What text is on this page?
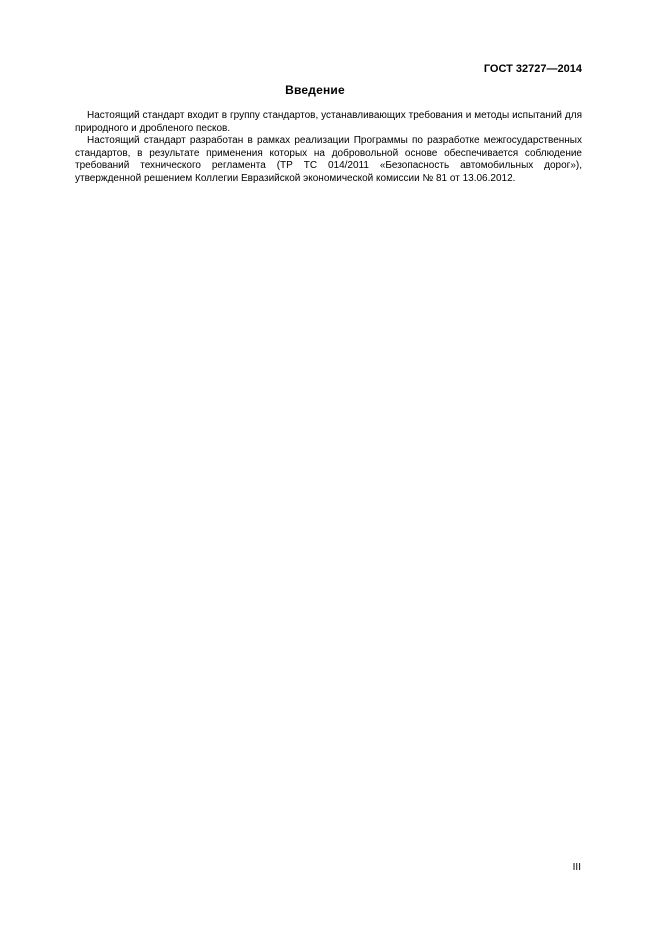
ГОСТ 32727—2014
Введение

Настоящий стандарт входит в группу стандартов, устанавливающих требования и методы испытаний для природного и дробленого песков.

Настоящий стандарт разработан в рамках реализации Программы по разработке межгосударственных стандартов, в результате применения которых на добровольной основе обеспечивается соблюдение требований технического регламента (ТР ТС 014/2011 «Безопасность автомобильных дорог»), утвержденной решением Коллегии Евразийской экономической комиссии № 81 от 13.06.2012.

III
